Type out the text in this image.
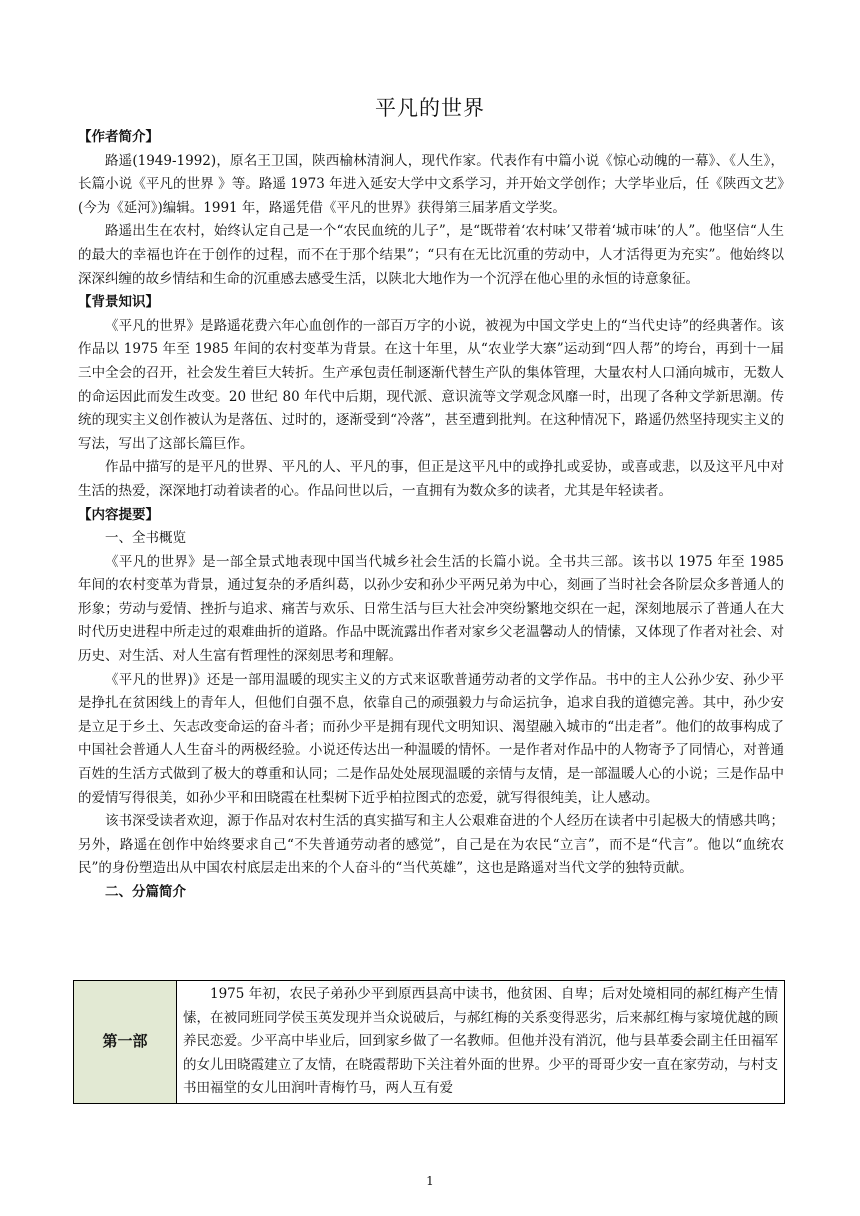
平凡的世界

【作者简介】

路遥(1949-1992)，原名王卫国，陕西榆林清涧人，现代作家。代表作有中篇小说《惊心动魄的一幕》、《人生》，长篇小说《平凡的世界 》等。路遥 1973 年进入延安大学中文系学习，并开始文学创作；大学毕业后，任《陕西文艺》(今为《延河》)编辑。1991 年，路遥凭借《平凡的世界》获得第三届茅盾文学奖。

路遥出生在农村，始终认定自己是一个“农民血统的儿子”，是“既带着‘农村味’又带着‘城市味’的人”。他坚信“人生的最大的幸福也许在于创作的过程，而不在于那个结果”；“只有在无比沉重的劳动中，人才活得更为充实”。他始终以深深纠缠的故乡情结和生命的沉重感去感受生活，以陕北大地作为一个沉浮在他心里的永恒的诗意象征。

【背景知识】

《平凡的世界》是路遥花费六年心血创作的一部百万字的小说，被视为中国文学史上的“当代史诗”的经典著作。该作品以 1975 年至 1985 年间的农村变革为背景。在这十年里，从“农业学大寨”运动到“四人帮”的垮台，再到十一届三中全会的召开，社会发生着巨大转折。生产承包责任制逐渐代替生产队的集体管理，大量农村人口涌向城市，无数人的命运因此而发生改变。20 世纪 80 年代中后期，现代派、意识流等文学观念风靡一时，出现了各种文学新思潮。传统的现实主义创作被认为是落伍、过时的，逐渐受到“冷落”，甚至遭到批判。在这种情况下，路遥仍然坚持现实主义的写法，写出了这部长篇巨作。

作品中描写的是平凡的世界、平凡的人、平凡的事，但正是这平凡中的或挣扎或妥协，或喜或悲，以及这平凡中对生活的热爱，深深地打动着读者的心。作品问世以后，一直拥有为数众多的读者，尤其是年轻读者。

【内容提要】

一、全书概览

《平凡的世界》是一部全景式地表现中国当代城乡社会生活的长篇小说。全书共三部。该书以 1975 年至 1985 年间的农村变革为背景，通过复杂的矛盾纠葛，以孙少安和孙少平两兄弟为中心，刻画了当时社会各阶层众多普通人的形象；劳动与爱情、挫折与追求、痛苦与欢乐、日常生活与巨大社会冲突纷繁地交织在一起，深刻地展示了普通人在大时代历史进程中所走过的艰难曲折的道路。作品中既流露出作者对家乡父老温馨动人的情愫，又体现了作者对社会、对历史、对生活、对人生富有哲理性的深刻思考和理解。

《平凡的世界)》还是一部用温暖的现实主义的方式来讴歌普通劳动者的文学作品。书中的主人公孙少安、孙少平是挣扎在贫困线上的青年人，但他们自强不息，依靠自己的顽强毅力与命运抗争，追求自我的道德完善。其中，孙少安是立足于乡土、矢志改变命运的奋斗者；而孙少平是拥有现代文明知识、渴望融入城市的“出走者”。他们的故事构成了中国社会普通人人生奋斗的两极经验。小说还传达出一种温暖的情怀。一是作者对作品中的人物寄予了同情心，对普通百姓的生活方式做到了极大的尊重和认同；二是作品处处展现温暖的亲情与友情，是一部温暖人心的小说；三是作品中的爱情写得很美，如孙少平和田晓霞在杜梨树下近乎柏拉图式的恋爱，就写得很纯美，让人感动。

该书深受读者欢迎，源于作品对农村生活的真实描写和主人公艰难奋进的个人经历在读者中引起极大的情感共鸣；另外，路遥在创作中始终要求自己“不失普通劳动者的感觉”，自己是在为农民“立言”，而不是“代言”。他以“血统农民”的身份塑造出从中国农村底层走出来的个人奋斗的“当代英雄”，这也是路遥对当代文学的独特贡献。

二、分篇简介

第一部	1975 年初，农民子弟孙少平到原西县高中读书，他贫困、自卑；后对处境相同的郝红梅产生情愫，在被同班同学侯玉英发现并当众说破后，与郝红梅的关系变得恶劣，后来郝红梅与家境优越的顾养民恋爱。少平高中毕业后，回到家乡做了一名教师。但他并没有消沉，他与县革委会副主任田福军的女儿田晓霞建立了友情，在晓霞帮助下关注着外面的世界。少平的哥哥少安一直在家劳动，与村支书田福堂的女儿田润叶青梅竹马，两人互有爱
1
